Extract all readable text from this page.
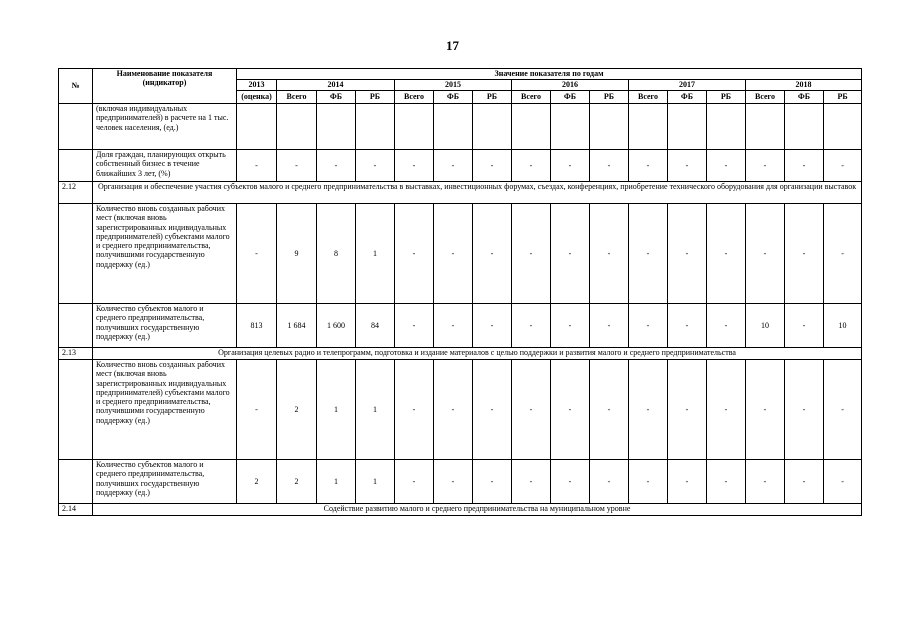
17
№	Наименование показателя (индикатор)	Значение показателя по годам															
		2013	2014			2015			2016			2017			2018		
		(оценка)	Всего	ФБ	РБ	Всего	ФБ	РБ	Всего	ФБ	РБ	Всего	ФБ	РБ	Всего	ФБ	РБ
	(включая индивидуальных предпринимателей) в расчете на 1 тыс. человек населения, (ед.)																
	Доля граждан, планирующих открыть собственный бизнес в течение ближайших 3 лет, (%)	-	-	-	-	-	-	-	-	-	-	-	-	-	-	-	-
2.12	Организация и обеспечение участия субъектов малого и среднего предпринимательства в выставках, инвестиционных форумах, съездах, конференциях, приобретение технического оборудования для организации выставок																
	Количество вновь созданных рабочих мест (включая вновь зарегистрированных индивидуальных предпринимателей) субъектами малого и среднего предпринимательства, получившими государственную поддержку (ед.)	-	9	8	1	-	-	-	-	-	-	-	-	-	-	-	-
	Количество субъектов малого и среднего предпринимательства, получивших государственную поддержку (ед.)	813	1 684	1 600	84	-	-	-	-	-	-	-	-	-	10	-	10
2.13	Организация целевых радио и телепрограмм, подготовка и издание материалов с целью поддержки и развития малого и среднего предпринимательства																
	Количество вновь созданных рабочих мест (включая вновь зарегистрированных индивидуальных предпринимателей) субъектами малого и среднего предпринимательства, получившими государственную поддержку (ед.)	-	2	1	1	-	-	-	-	-	-	-	-	-	-	-	-
	Количество субъектов малого и среднего предпринимательства, получивших государственную поддержку (ед.)	2	2	1	1	-	-	-	-	-	-	-	-	-	-	-	-
2.14	Содействие развитию малого и среднего предпринимательства на муниципальном уровне																
